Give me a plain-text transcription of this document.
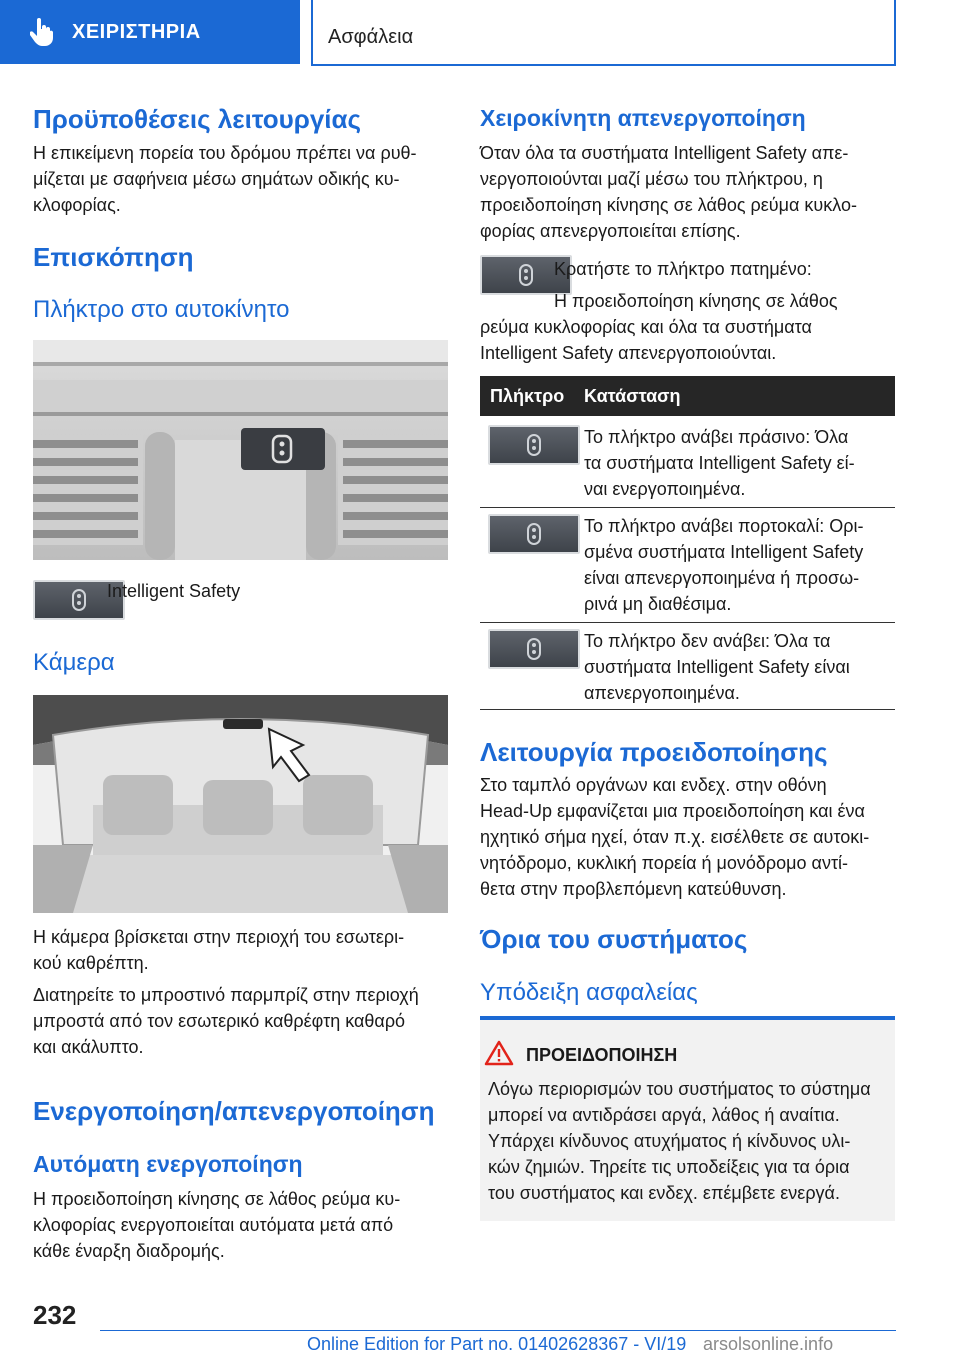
ΧΕΙΡΙΣΤΗΡΙΑ	Ασφάλεια
Προϋποθέσεις λειτουργίας
Η επικείμενη πορεία του δρόμου πρέπει να ρυθ-
μίζεται με σαφήνεια μέσω σημάτων οδικής κυ-
κλοφορίας.
Επισκόπηση
Πλήκτρο στο αυτοκίνητο
Intelligent Safety
Κάμερα
Η κάμερα βρίσκεται στην περιοχή του εσωτερι-
κού καθρέπτη.
Διατηρείτε το μπροστινό παρμπρίζ στην περιοχή
μπροστά από τον εσωτερικό καθρέφτη καθαρό
και ακάλυπτο.
Ενεργοποίηση/απενεργοποίηση
Αυτόματη ενεργοποίηση
Η προειδοποίηση κίνησης σε λάθος ρεύμα κυ-
κλοφορίας ενεργοποιείται αυτόματα μετά από
κάθε έναρξη διαδρομής.
Χειροκίνητη απενεργοποίηση
Όταν όλα τα συστήματα Intelligent Safety απε-
νεργοποιούνται μαζί μέσω του πλήκτρου, η
προειδοποίηση κίνησης σε λάθος ρεύμα κυκλο-
φορίας απενεργοποιείται επίσης.
Κρατήστε το πλήκτρο πατημένο:
Η προειδοποίηση κίνησης σε λάθος
ρεύμα κυκλοφορίας και όλα τα συστήματα
Intelligent Safety απενεργοποιούνται.
Πλήκτρο Κατάσταση
Το πλήκτρο ανάβει πράσινο: Όλα
τα συστήματα Intelligent Safety εί-
ναι ενεργοποιημένα.
Το πλήκτρο ανάβει πορτοκαλί: Ορι-
σμένα συστήματα Intelligent Safety
είναι απενεργοποιημένα ή προσω-
ρινά μη διαθέσιμα.
Το πλήκτρο δεν ανάβει: Όλα τα
συστήματα Intelligent Safety είναι
απενεργοποιημένα.
Λειτουργία προειδοποίησης
Στο ταμπλό οργάνων και ενδεχ. στην οθόνη
Head-Up εμφανίζεται μια προειδοποίηση και ένα
ηχητικό σήμα ηχεί, όταν π.χ. εισέλθετε σε αυτοκι-
νητόδρομο, κυκλική πορεία ή μονόδρομο αντί-
θετα στην προβλεπόμενη κατεύθυνση.
Όρια του συστήματος
Υπόδειξη ασφαλείας
ΠΡΟΕΙΔΟΠΟΙΗΣΗ
Λόγω περιορισμών του συστήματος το σύστημα
μπορεί να αντιδράσει αργά, λάθος ή αναίτια.
Υπάρχει κίνδυνος ατυχήματος ή κίνδυνος υλι-
κών ζημιών. Τηρείτε τις υποδείξεις για τα όρια
του συστήματος και ενδεχ. επέμβετε ενεργά.
232
Online Edition for Part no. 01402628367 - VI/19 arsolsonline.info
